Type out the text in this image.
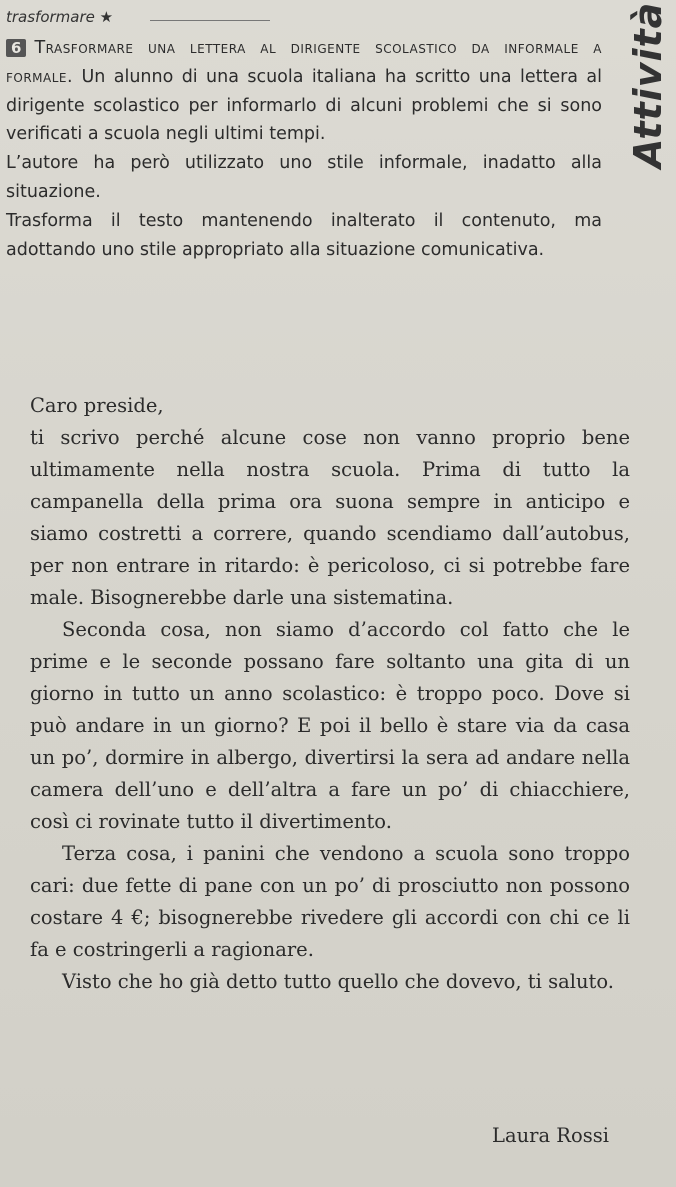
trasformare ★	Attività

6 Trasformare una lettera al dirigente scolastico da informale a formale. Un alunno di una scuola italiana ha scritto una lettera al dirigente scolastico per informarlo di alcuni problemi che si sono verificati a scuola negli ultimi tempi.

L’autore ha però utilizzato uno stile informale, inadatto alla situazione.

Trasforma il testo mantenendo inalterato il contenuto, ma adottando uno stile appropriato alla situazione comunicativa.

Caro preside,

ti scrivo perché alcune cose non vanno proprio bene ultimamente nella nostra scuola. Prima di tutto la campanella della prima ora suona sempre in anticipo e siamo costretti a correre, quando scendiamo dall’autobus, per non entrare in ritardo: è pericoloso, ci si potrebbe fare male. Bisognerebbe darle una sistematina.

Seconda cosa, non siamo d’accordo col fatto che le prime e le seconde possano fare soltanto una gita di un giorno in tutto un anno scolastico: è troppo poco. Dove si può andare in un giorno? E poi il bello è stare via da casa un po’, dormire in albergo, divertirsi la sera ad andare nella camera dell’uno e dell’altra a fare un po’ di chiacchiere, così ci rovinate tutto il divertimento.

Terza cosa, i panini che vendono a scuola sono troppo cari: due fette di pane con un po’ di prosciutto non possono costare 4 €; bisognerebbe rivedere gli accordi con chi ce li fa e costringerli a ragionare.

Visto che ho già detto tutto quello che dovevo, ti saluto.

Laura Rossi
